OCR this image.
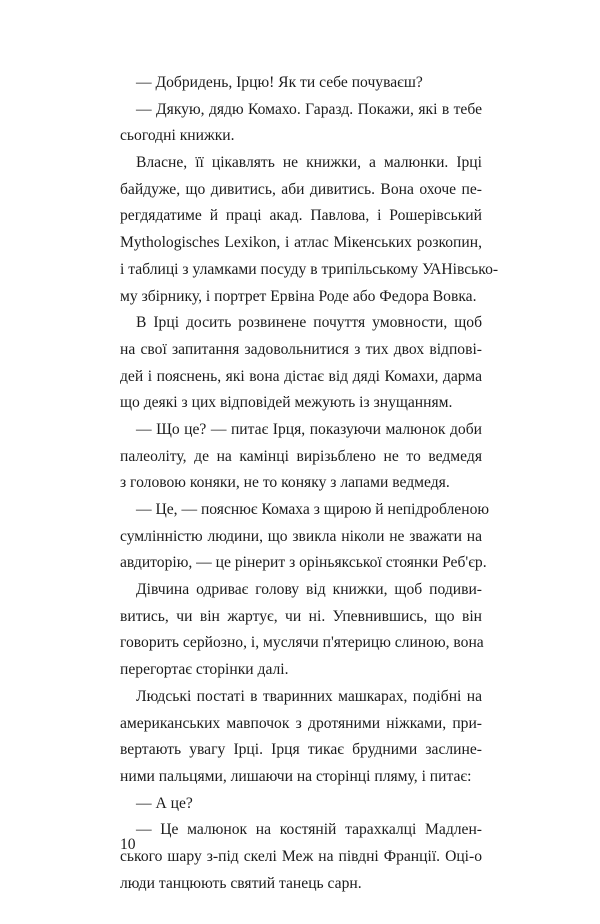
— Добридень, Ірцю! Як ти себе почуваєш?
— Дякую, дядю Комахо. Гаразд. Покажи, які в тебе
сьогодні книжки.
Власне, її цікавлять не книжки, а малюнки. Ірці
байдуже, що дивитись, аби дивитись. Вона охоче пе-
регдядатиме й праці акад. Павлова, і Рошерівський
Mythologisches Lexikon, і атлас Мікенських розкопин,
і таблиці з уламками посуду в трипільському УАНівсько-
му збірнику, і портрет Ервіна Роде або Федора Вовка.
В Ірці досить розвинене почуття умовности, щоб
на свої запитання задовольнитися з тих двох відпові-
дей і пояснень, які вона дістає від дяді Комахи, дарма
що деякі з цих відповідей межують із знущанням.
— Що це? — питає Ірця, показуючи малюнок доби
палеоліту, де на камінці вирізьблено не то ведмедя
з головою коняки, не то коняку з лапами ведмедя.
— Це, — пояснює Комаха з щирою й непідробленою
сумлінністю людини, що звикла ніколи не зважати на
авдиторію, — це рінерит з оріньякської стоянки Реб'єр.
Дівчина одриває голову від книжки, щоб подиви-
витись, чи він жартує, чи ні. Упевнившись, що він
говорить серйозно, і, муслячи п'ятерицю слиною, вона
перегортає сторінки далі.
Людські постаті в тваринних машкарах, подібні на
американських мавпочок з дротяними ніжками, при-
вертають увагу Ірці. Ірця тикає брудними заслине-
ними пальцями, лишаючи на сторінці пляму, і питає:
— А це?
— Це малюнок на костяній тарахкалці Мадлен-
ського шару з-під скелі Меж на півдні Франції. Оці-о
люди танцюють святий танець сарн.
10
